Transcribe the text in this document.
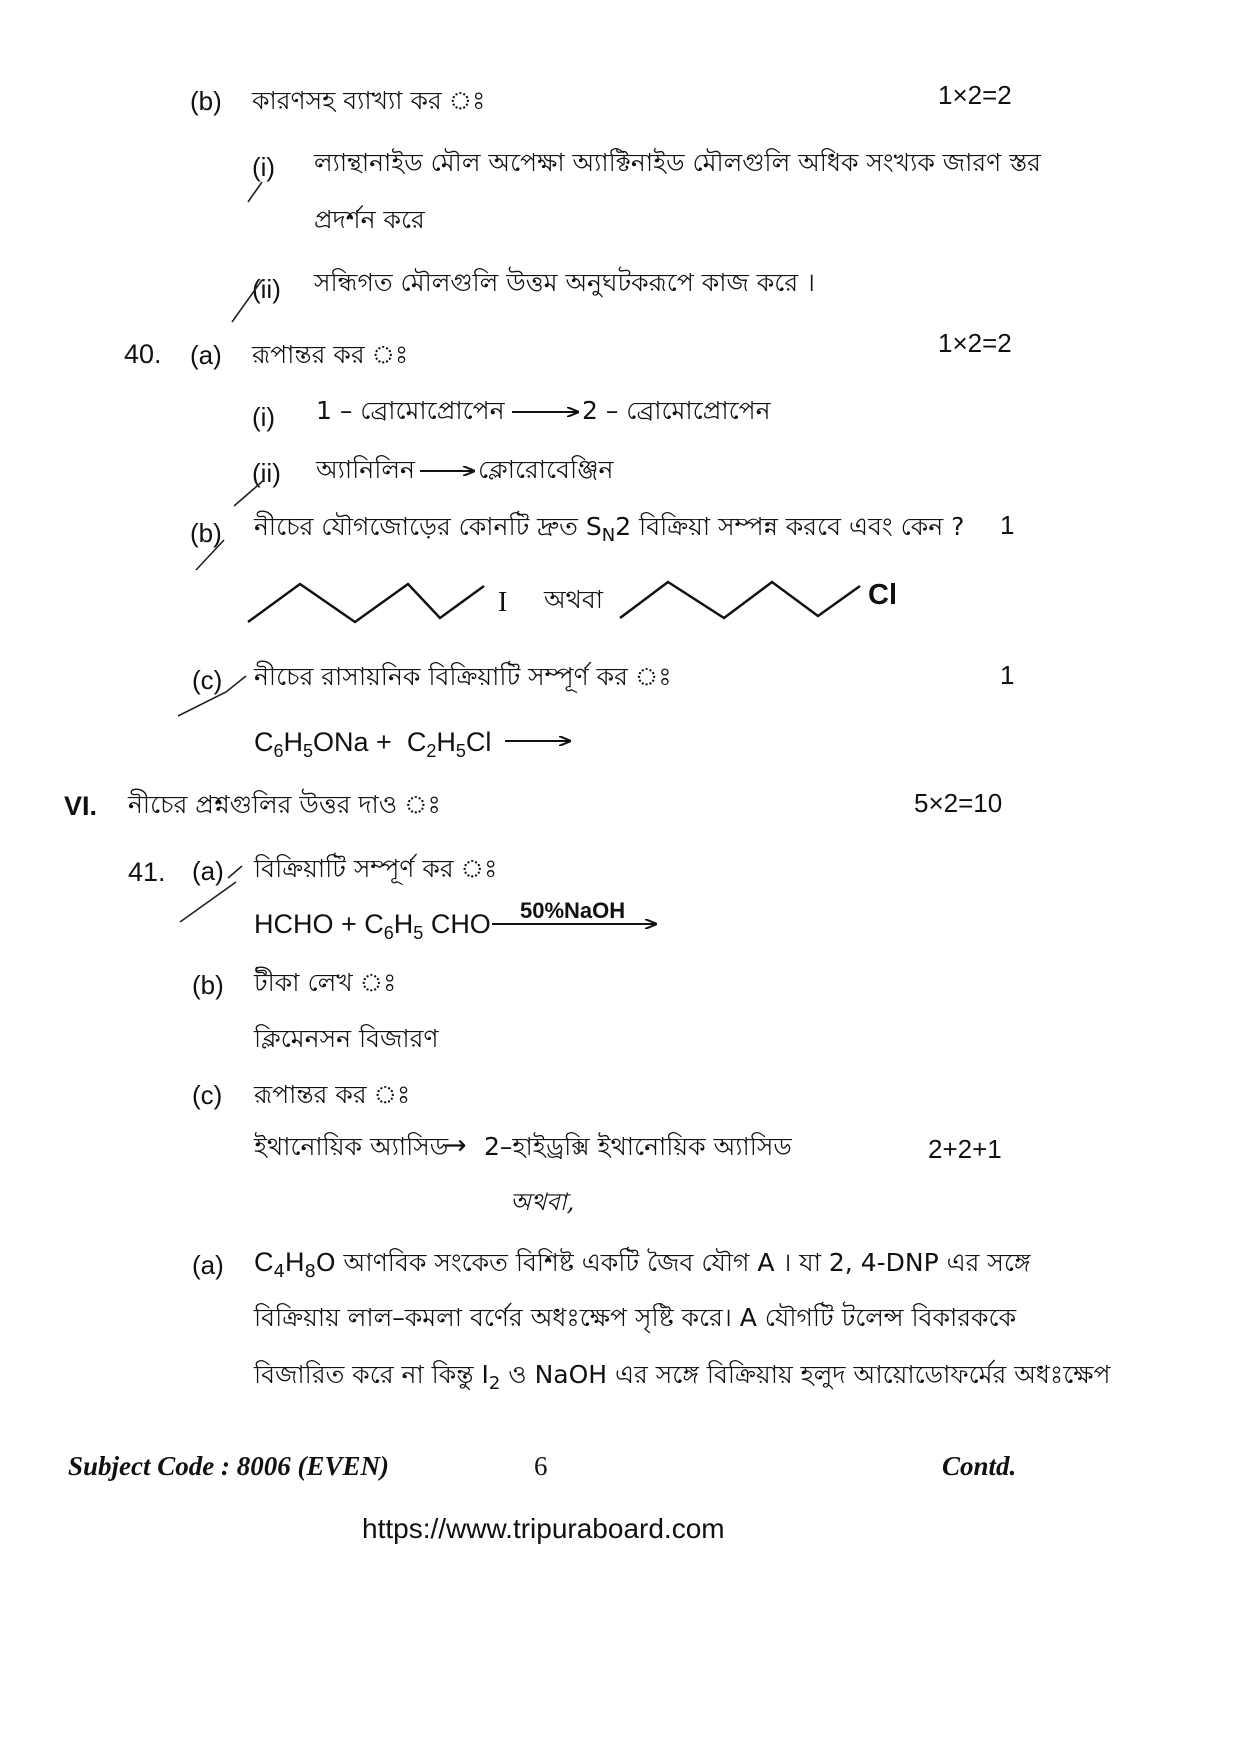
(b) কারণসহ ব্যাখ্যা কর ঃ	1×2=2
(i) ল্যান্থানাইড মৌল অপেক্ষা অ্যাক্টিনাইড মৌলগুলি অধিক সংখ্যক জারণ স্তর
প্রদর্শন করে
(ii) সন্ধিগত মৌলগুলি উত্তম অনুঘটকরূপে কাজ করে ।
40. (a) রূপান্তর কর ঃ	1×2=2
(i) 1 – ব্রোমোপ্রোপেন	2 – ব্রোমোপ্রোপেন
(ii) অ্যানিলিন	ক্লোরোবেঞ্জিন
(b) নীচের যৌগজোড়ের কোনটি দ্রুত $S_N2$ বিক্রিয়া সম্পন্ন করবে এবং কেন ? 1
I অথবা	Cl
(c) নীচের রাসায়নিক বিক্রিয়াটি সম্পূর্ণ কর ঃ	1
$C_6H_5ONa + C_2H_5Cl$
VI. নীচের প্রশ্নগুলির উত্তর দাও ঃ	5×2=10
41. (a) বিক্রিয়াটি সম্পূর্ণ কর ঃ
HCHO + $C_6H_5$ CHO 50%NaOH
(b) টীকা লেখ ঃ
ক্লিমেনসন বিজারণ
(c) রূপান্তর কর ঃ
ইথানোয়িক অ্যাসিড
→ 2–হাইড্রক্সি ইথানোয়িক অ্যাসিড	2+2+1
অথবা,
(a) $C_4H_8O$ আণবিক সংকেত বিশিষ্ট একটি জৈব যৌগ A । যা 2, 4-DNP এর সঙ্গে
বিক্রিয়ায় লাল–কমলা বর্ণের অধঃক্ষেপ সৃষ্টি করে। A যৌগটি টলেন্স বিকারককে
বিজারিত করে না কিন্তু $I_2$ ও NaOH এর সঙ্গে বিক্রিয়ায় হলুদ আয়োডোফর্মের অধঃক্ষেপ
Subject Code : 8006 (EVEN)	6	Contd.
https://www.tripuraboard.com
